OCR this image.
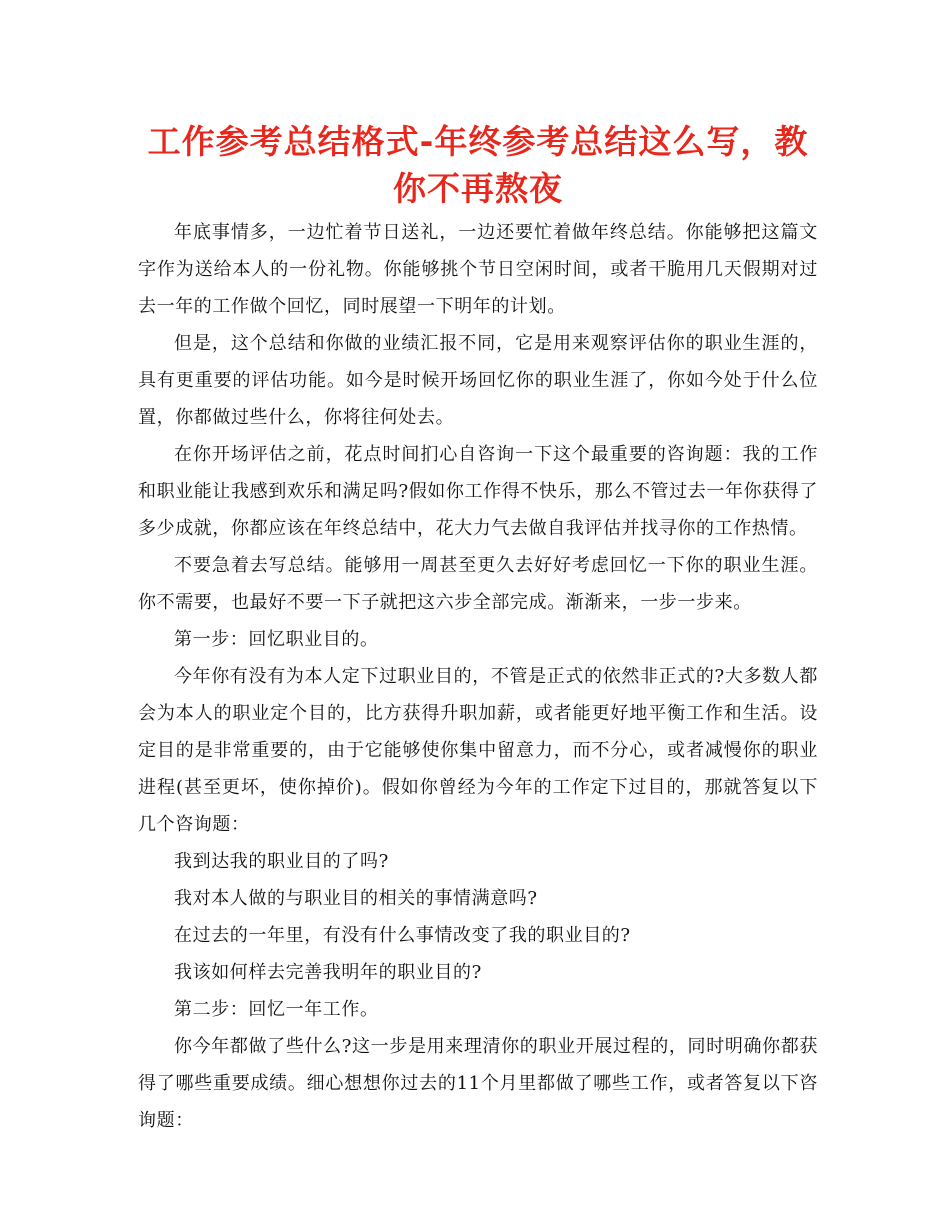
工作参考总结格式-年终参考总结这么写，教你不再熬夜

年底事情多，一边忙着节日送礼，一边还要忙着做年终总结。你能够把这篇文字作为送给本人的一份礼物。你能够挑个节日空闲时间，或者干脆用几天假期对过去一年的工作做个回忆，同时展望一下明年的计划。

但是，这个总结和你做的业绩汇报不同，它是用来观察评估你的职业生涯的，具有更重要的评估功能。如今是时候开场回忆你的职业生涯了，你如今处于什么位置，你都做过些什么，你将往何处去。

在你开场评估之前，花点时间扪心自咨询一下这个最重要的咨询题：我的工作和职业能让我感到欢乐和满足吗?假如你工作得不快乐，那么不管过去一年你获得了多少成就，你都应该在年终总结中，花大力气去做自我评估并找寻你的工作热情。

不要急着去写总结。能够用一周甚至更久去好好考虑回忆一下你的职业生涯。你不需要，也最好不要一下子就把这六步全部完成。渐渐来，一步一步来。

第一步：回忆职业目的。

今年你有没有为本人定下过职业目的，不管是正式的依然非正式的?大多数人都会为本人的职业定个目的，比方获得升职加薪，或者能更好地平衡工作和生活。设定目的是非常重要的，由于它能够使你集中留意力，而不分心，或者减慢你的职业进程(甚至更坏，使你掉价)。假如你曾经为今年的工作定下过目的，那就答复以下几个咨询题：

我到达我的职业目的了吗?

我对本人做的与职业目的相关的事情满意吗?

在过去的一年里，有没有什么事情改变了我的职业目的?

我该如何样去完善我明年的职业目的?

第二步：回忆一年工作。

你今年都做了些什么?这一步是用来理清你的职业开展过程的，同时明确你都获得了哪些重要成绩。细心想想你过去的11个月里都做了哪些工作，或者答复以下咨询题：
